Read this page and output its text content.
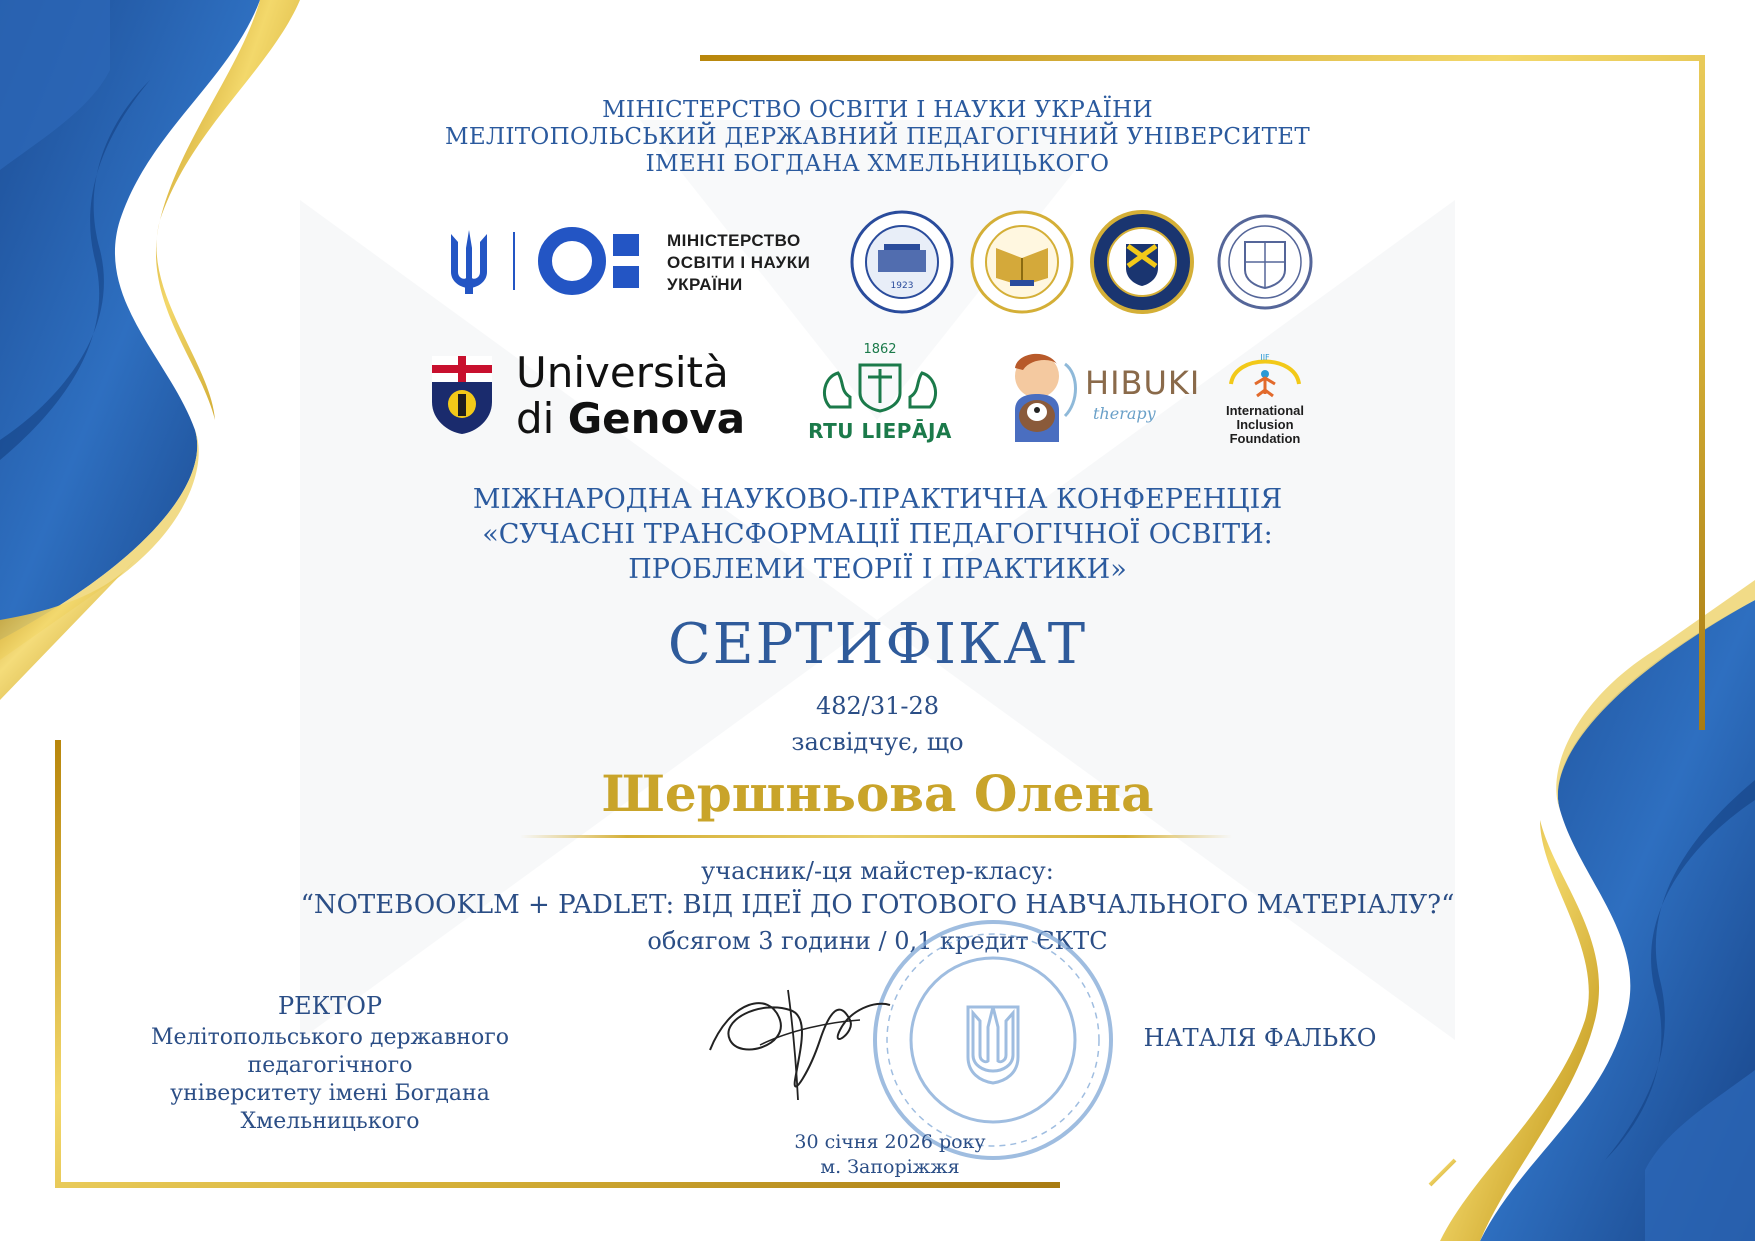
МІНІСТЕРСТВО ОСВІТИ І НАУКИ УКРАЇНИ
МЕЛІТОПОЛЬСЬКИЙ ДЕРЖАВНИЙ ПЕДАГОГІЧНИЙ УНІВЕРСИТЕТ
ІМЕНІ БОГДАНА ХМЕЛЬНИЦЬКОГО
МІНІСТЕРСТВО
ОСВІТИ І НАУКИ
УКРАЇНИ	1923
Università
di Genova
1862
RTU LIEPĀJA
HIBUKI
therapy
IIF
International
Inclusion
Foundation
МІЖНАРОДНА НАУКОВО-ПРАКТИЧНА КОНФЕРЕНЦІЯ
«СУЧАСНІ ТРАНСФОРМАЦІЇ ПЕДАГОГІЧНОЇ ОСВІТИ:
ПРОБЛЕМИ ТЕОРІЇ І ПРАКТИКИ»
СЕРТИФІКАТ
482/31-28
засвідчує, що
Шершньова Олена
учасник/-ця майстер-класу:
“NOTEBOOKLM + PADLET: ВІД ІДЕЇ ДО ГОТОВОГО НАВЧАЛЬНОГО МАТЕРІАЛУ?“
обсягом 3 години / 0,1 кредит ЄКТС
РЕКТОР
Мелітопольського державного педагогічного
університету імені Богдана Хмельницького
НАТАЛЯ ФАЛЬКО
30 січня 2026 року
м. Запоріжжя
